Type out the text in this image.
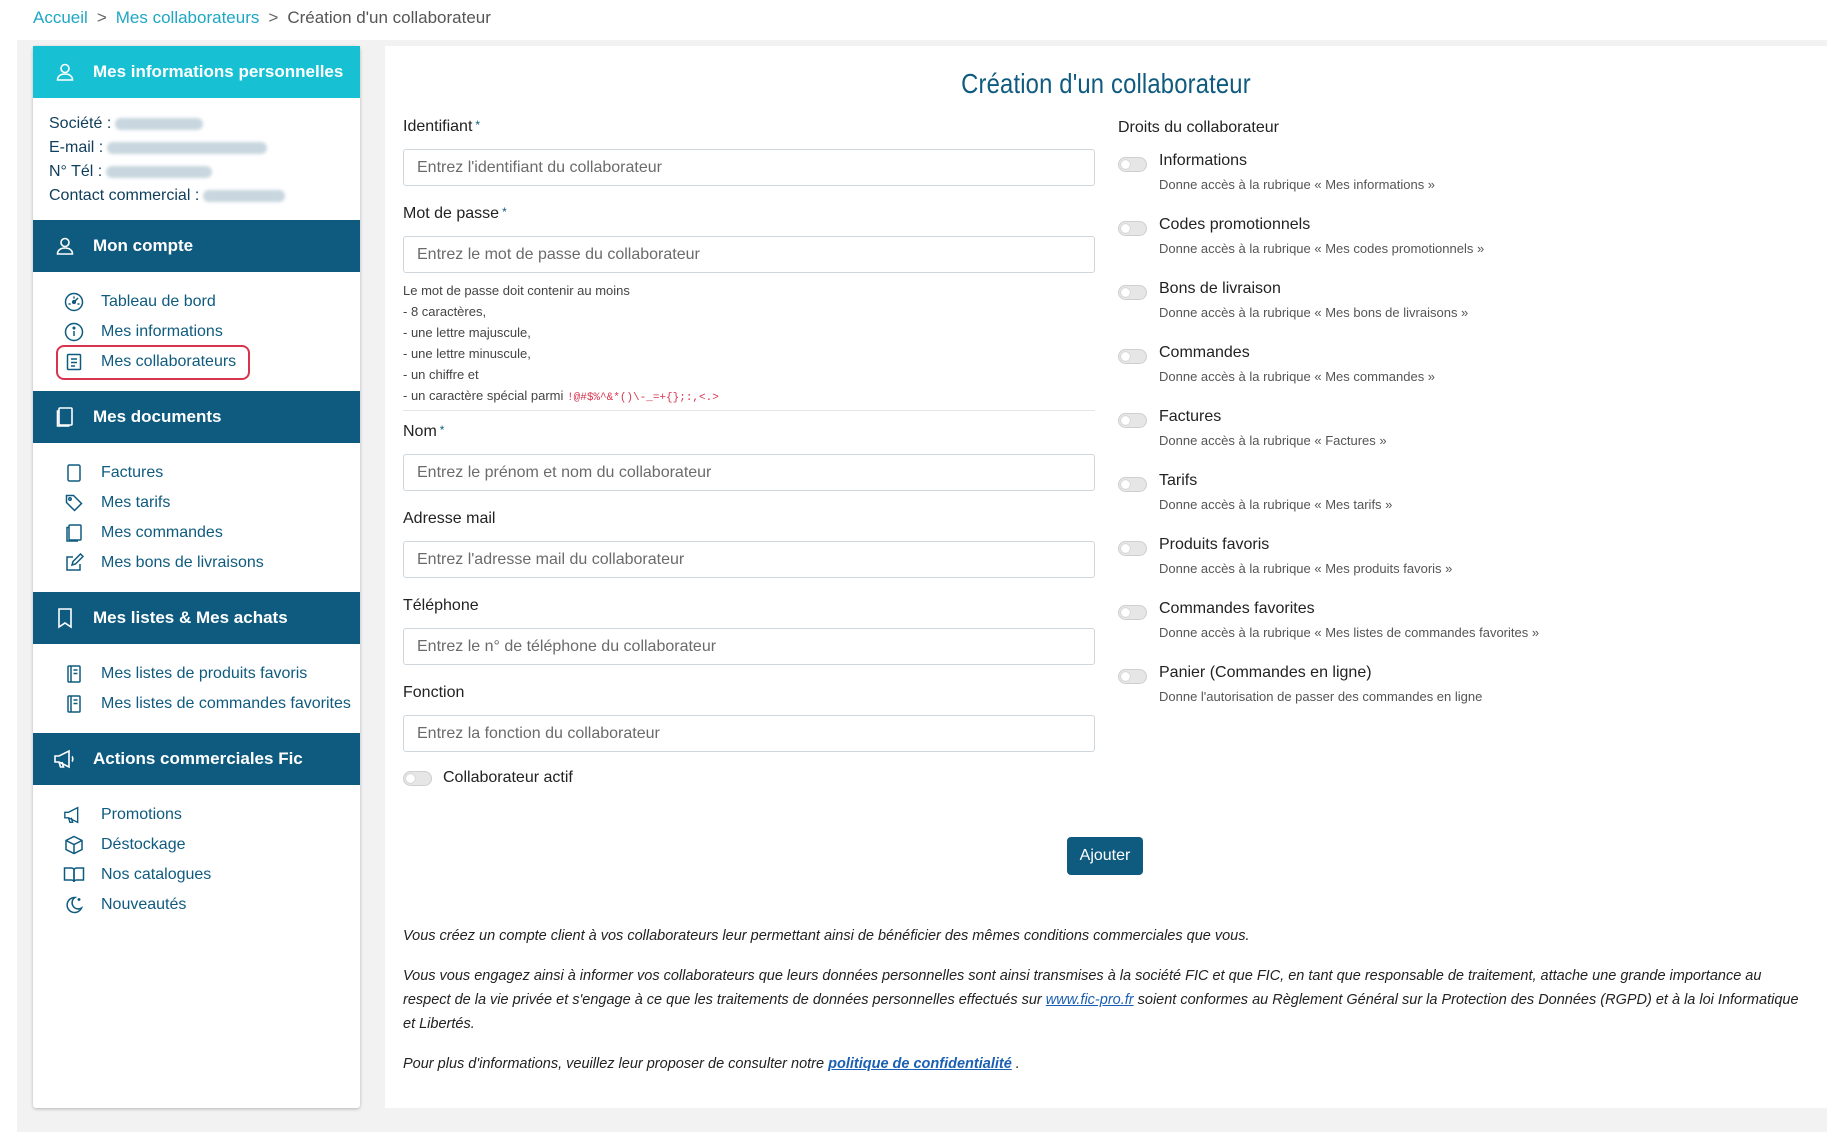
Accueil > Mes collaborateurs > Création d'un collaborateur
Mes informations personnelles
Société :
E-mail :
N° Tél :
Contact commercial :
Mon compte
Tableau de bord
Mes informations
Mes collaborateurs
Mes documents
Factures
Mes tarifs
Mes commandes
Mes bons de livraisons
Mes listes & Mes achats
Mes listes de produits favoris
Mes listes de commandes favorites
Actions commerciales Fic
Promotions
Déstockage
Nos catalogues
Nouveautés
Création d'un collaborateur
Identifiant *
Entrez l'identifiant du collaborateur
Mot de passe *
Entrez le mot de passe du collaborateur
Le mot de passe doit contenir au moins
- 8 caractères,
- une lettre majuscule,
- une lettre minuscule,
- un chiffre et
- un caractère spécial parmi !@#$%^&*()\-_=+{};:,<.>
Nom *
Entrez le prénom et nom du collaborateur
Adresse mail
Entrez l'adresse mail du collaborateur
Téléphone
Entrez le n° de téléphone du collaborateur
Fonction
Entrez la fonction du collaborateur
Collaborateur actif
Droits du collaborateur
Informations
Donne accès à la rubrique « Mes informations »
Codes promotionnels
Donne accès à la rubrique « Mes codes promotionnels »
Bons de livraison
Donne accès à la rubrique « Mes bons de livraisons »
Commandes
Donne accès à la rubrique « Mes commandes »
Factures
Donne accès à la rubrique « Factures »
Tarifs
Donne accès à la rubrique « Mes tarifs »
Produits favoris
Donne accès à la rubrique « Mes produits favoris »
Commandes favorites
Donne accès à la rubrique « Mes listes de commandes favorites »
Panier (Commandes en ligne)
Donne l'autorisation de passer des commandes en ligne
Ajouter
Vous créez un compte client à vos collaborateurs leur permettant ainsi de bénéficier des mêmes conditions commerciales que vous.
Vous vous engagez ainsi à informer vos collaborateurs que leurs données personnelles sont ainsi transmises à la société FIC et que FIC, en tant que responsable de traitement, attache une grande importance au respect de la vie privée et s'engage à ce que les traitements de données personnelles effectués sur www.fic-pro.fr soient conformes au Règlement Général sur la Protection des Données (RGPD) et à la loi Informatique et Libertés.
Pour plus d'informations, veuillez leur proposer de consulter notre politique de confidentialité .
